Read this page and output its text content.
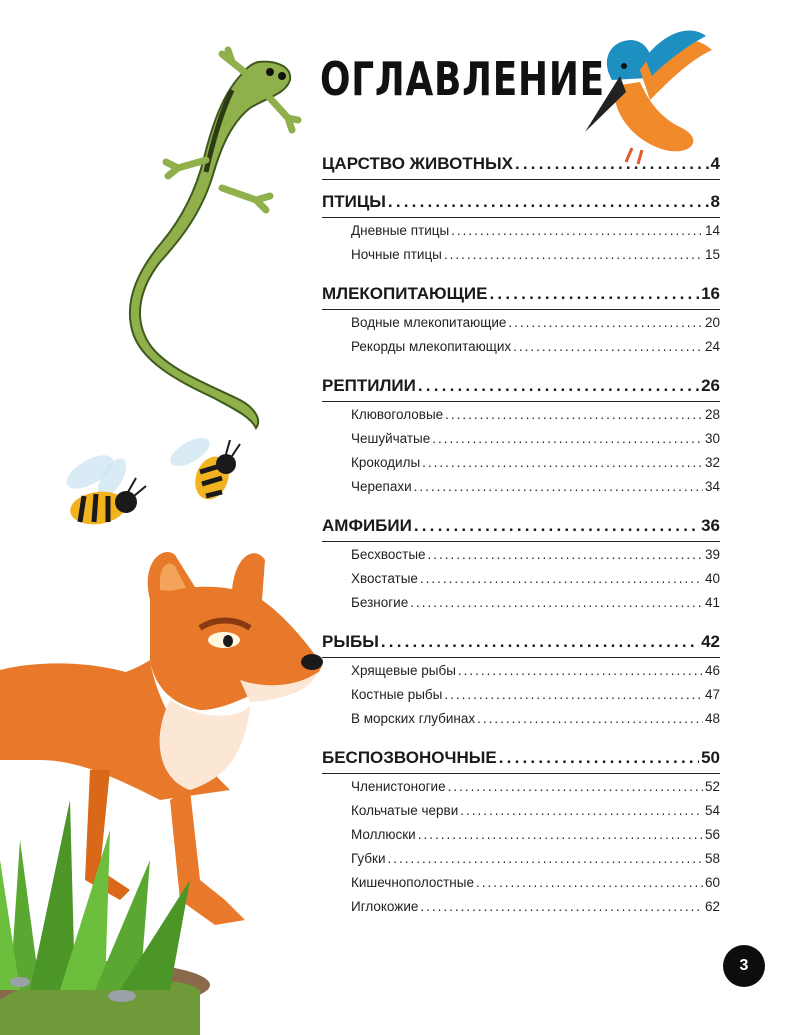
ОГЛАВЛЕНИЕ
ЦАРСТВО ЖИВОТНЫХ .....	4
ПТИЦЫ .....	8
Дневные птицы .....	14
Ночные птицы .....	15
МЛЕКОПИТАЮЩИЕ .....	16
Водные млекопитающие .....	20
Рекорды млекопитающих .....	24
РЕПТИЛИИ .....	26
Клювоголовые .....	28
Чешуйчатые .....	30
Крокодилы .....	32
Черепахи .....	34
АМФИБИИ .....	36
Бесхвостые .....	39
Хвостатые .....	40
Безногие .....	41
РЫБЫ .....	42
Хрящевые рыбы .....	46
Костные рыбы .....	47
В морских глубинах .....	48
БЕСПОЗВОНОЧНЫЕ .....	50
Членистоногие .....	52
Кольчатые черви .....	54
Моллюски .....	56
Губки .....	58
Кишечнополостные .....	60
Иглокожие .....	62
3
